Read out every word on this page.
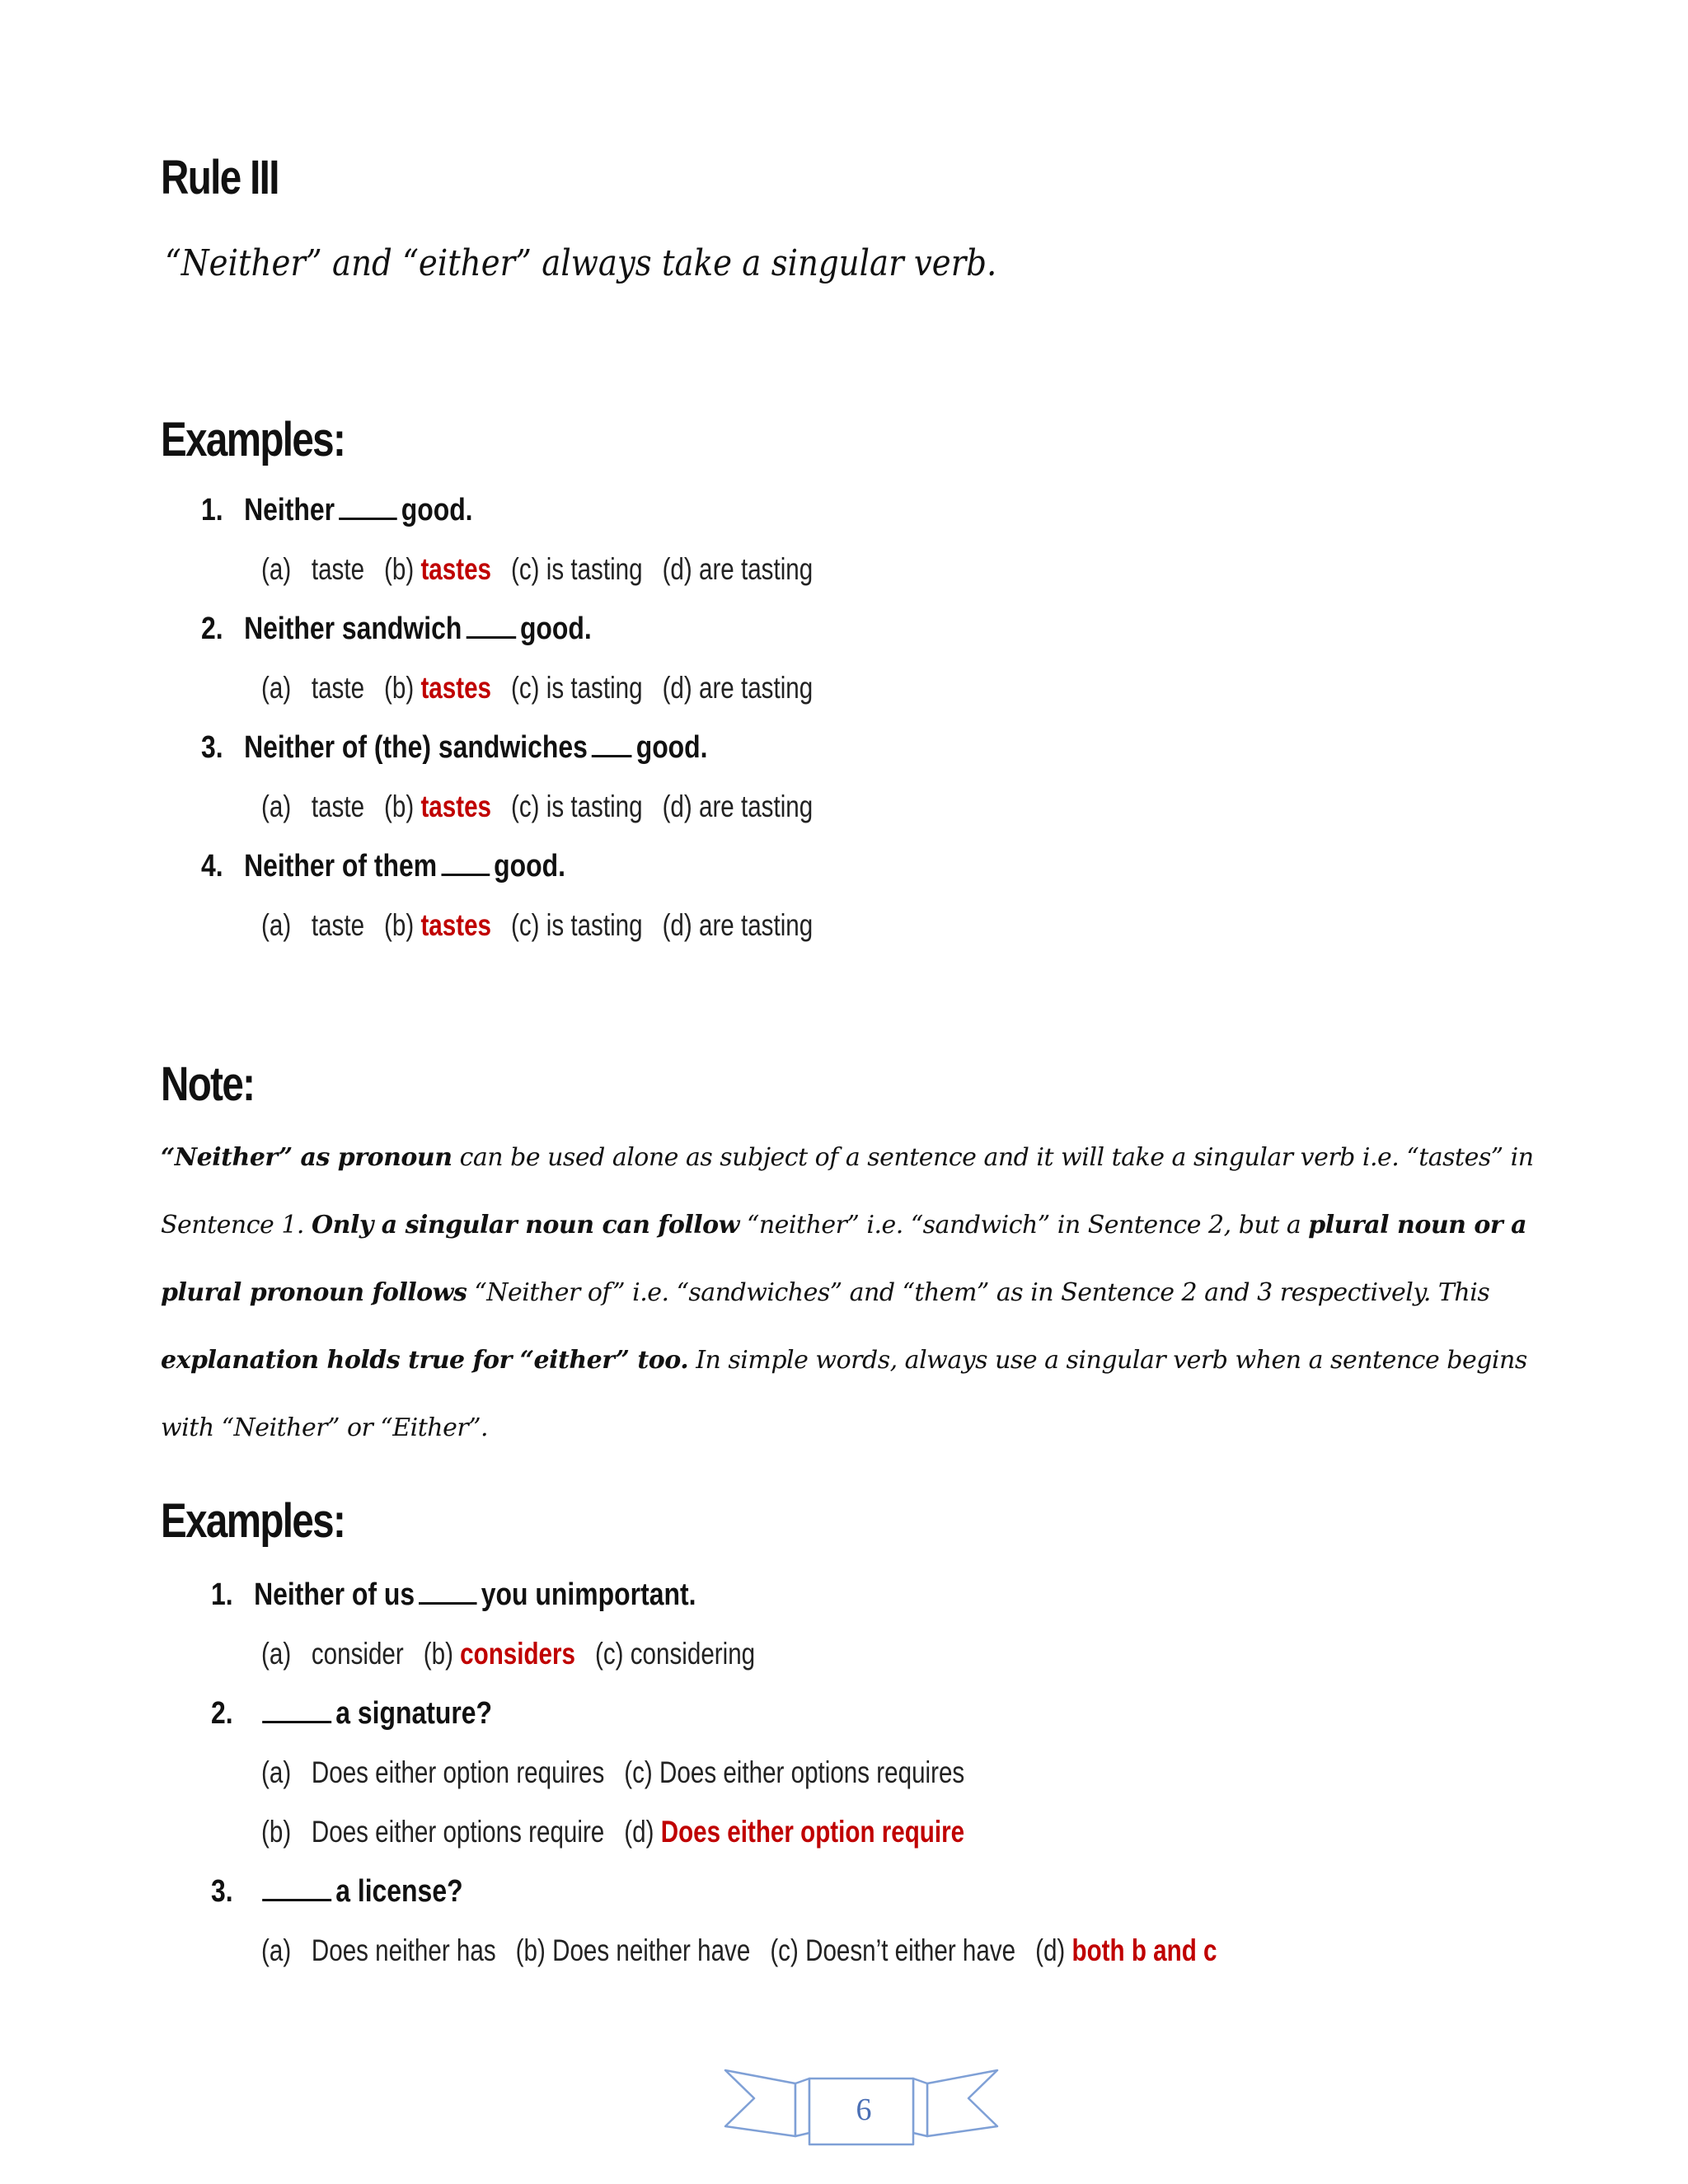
Rule III
“Neither” and “either” always take a singular verb.
Examples:
1. Neither good.
(a) taste (b) tastes (c) is tasting (d) are tasting
2. Neither sandwich good.
(a) taste (b) tastes (c) is tasting (d) are tasting
3. Neither of (the) sandwiches good.
(a) taste (b) tastes (c) is tasting (d) are tasting
4. Neither of them good.
(a) taste (b) tastes (c) is tasting (d) are tasting
Note:
“Neither” as pronoun can be used alone as subject of a sentence and it will take a singular verb i.e. “tastes” in Sentence 1. Only a singular noun can follow “neither” i.e. “sandwich” in Sentence 2, but a plural noun or a plural pronoun follows “Neither of” i.e. “sandwiches” and “them” as in Sentence 2 and 3 respectively. This explanation holds true for “either” too. In simple words, always use a singular verb when a sentence begins with “Neither” or “Either”.
Examples:
1. Neither of us you unimportant.
(a) consider (b) considers (c) considering
2.	a signature?
(a) Does either option requires (c) Does either options requires
(b) Does either options require (d) Does either option require
3.	a license?
(a) Does neither has (b) Does neither have (c) Doesn’t either have (d) both b and c
6
